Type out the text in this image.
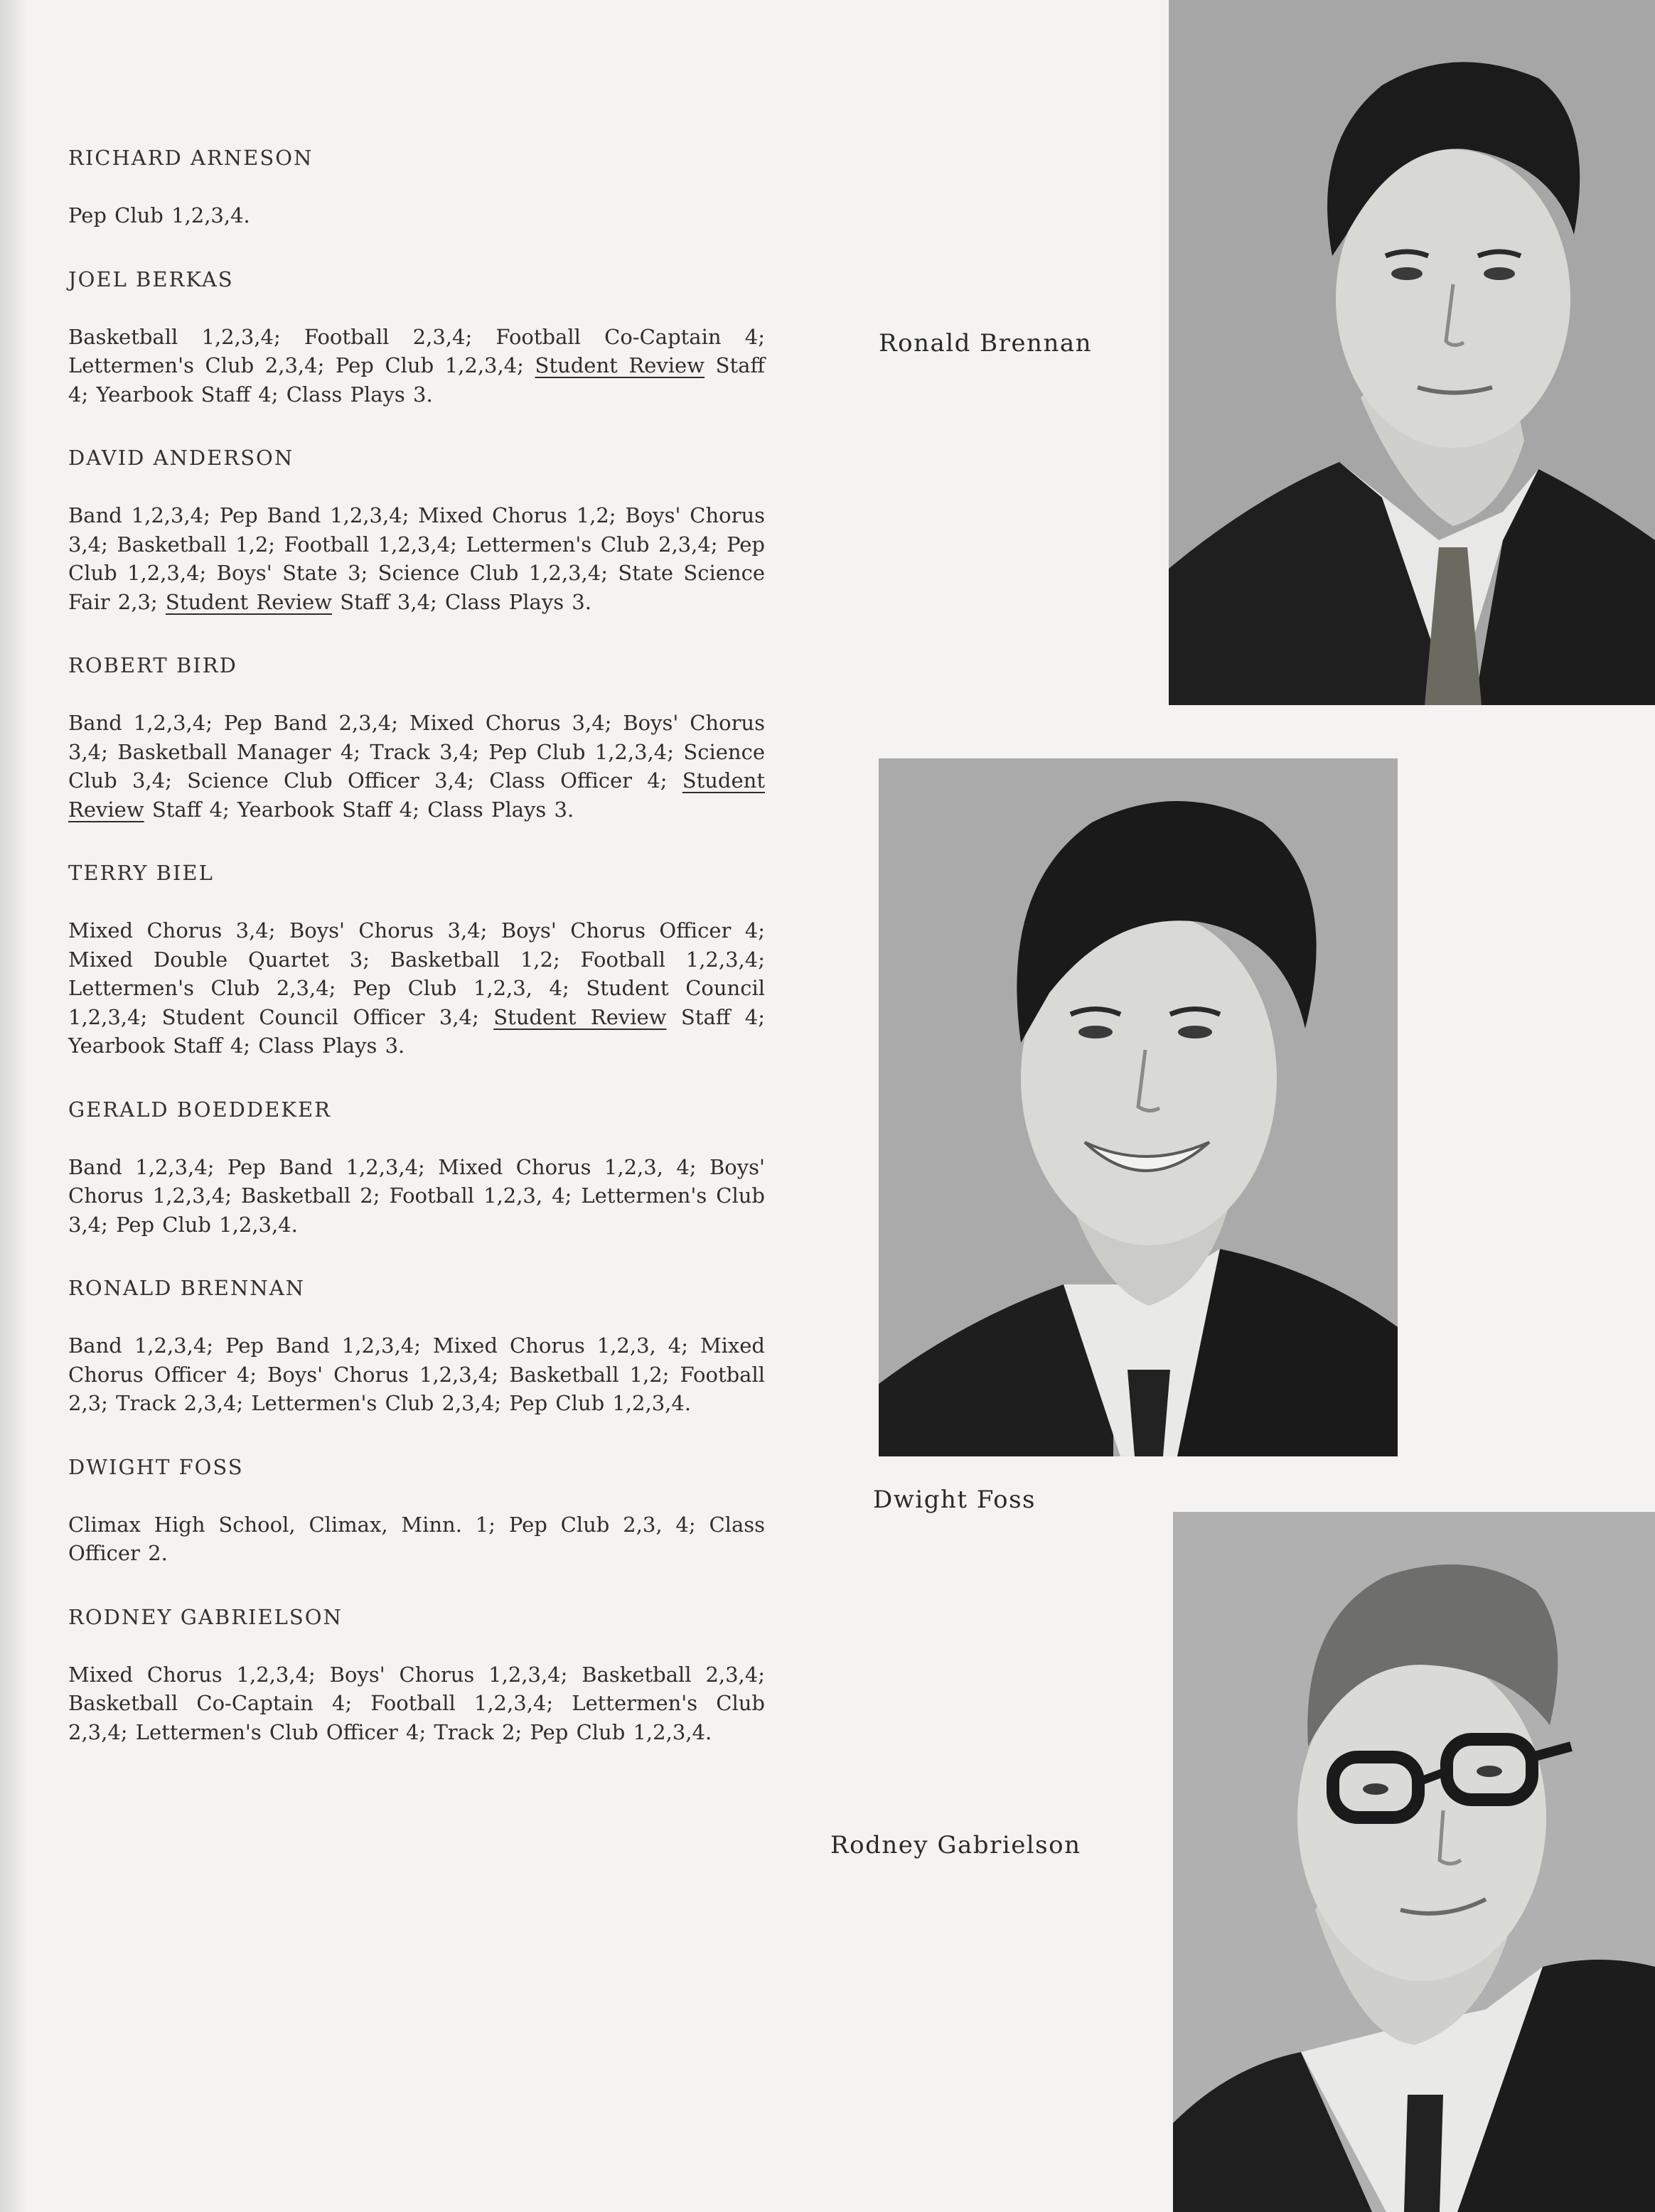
RICHARD ARNESON

Pep Club 1,2,3,4.

JOEL BERKAS

Basketball 1,2,3,4; Football 2,3,4; Football Co-Captain 4; Lettermen's Club 2,3,4; Pep Club 1,2,3,4; Student Review Staff 4; Yearbook Staff 4; Class Plays 3.

DAVID ANDERSON

Band 1,2,3,4; Pep Band 1,2,3,4; Mixed Chorus 1,2; Boys' Chorus 3,4; Basketball 1,2; Football 1,2,3,4; Lettermen's Club 2,3,4; Pep Club 1,2,3,4; Boys' State 3; Science Club 1,2,3,4; State Science Fair 2,3; Student Review Staff 3,4; Class Plays 3.

ROBERT BIRD

Band 1,2,3,4; Pep Band 2,3,4; Mixed Chorus 3,4; Boys' Chorus 3,4; Basketball Manager 4; Track 3,4; Pep Club 1,2,3,4; Science Club 3,4; Science Club Officer 3,4; Class Officer 4; Student Review Staff 4; Yearbook Staff 4; Class Plays 3.

TERRY BIEL

Mixed Chorus 3,4; Boys' Chorus 3,4; Boys' Chorus Officer 4; Mixed Double Quartet 3; Basketball 1,2; Football 1,2,3,4; Lettermen's Club 2,3,4; Pep Club 1,2,3, 4; Student Council 1,2,3,4; Student Council Officer 3,4; Student Review Staff 4; Yearbook Staff 4; Class Plays 3.

GERALD BOEDDEKER

Band 1,2,3,4; Pep Band 1,2,3,4; Mixed Chorus 1,2,3, 4; Boys' Chorus 1,2,3,4; Basketball 2; Football 1,2,3, 4; Lettermen's Club 3,4; Pep Club 1,2,3,4.

RONALD BRENNAN

Band 1,2,3,4; Pep Band 1,2,3,4; Mixed Chorus 1,2,3, 4; Mixed Chorus Officer 4; Boys' Chorus 1,2,3,4; Basketball 1,2; Football 2,3; Track 2,3,4; Lettermen's Club 2,3,4; Pep Club 1,2,3,4.

DWIGHT FOSS

Climax High School, Climax, Minn. 1; Pep Club 2,3, 4; Class Officer 2.

RODNEY GABRIELSON

Mixed Chorus 1,2,3,4; Boys' Chorus 1,2,3,4; Basketball 2,3,4; Basketball Co-Captain 4; Football 1,2,3,4; Lettermen's Club 2,3,4; Lettermen's Club Officer 4; Track 2; Pep Club 1,2,3,4.

Ronald Brennan
Dwight Foss
Rodney Gabrielson
